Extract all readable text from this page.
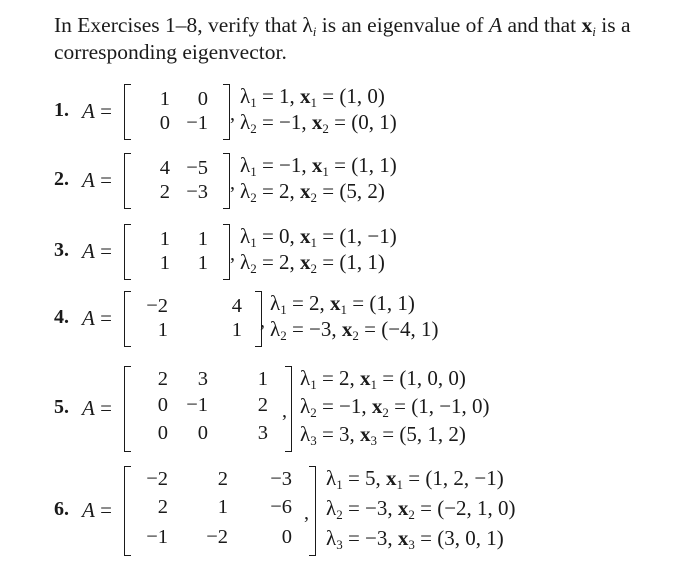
In Exercises 1–8, verify that $\lambda_i$ is an eigenvalue of A and that $x_i$ is a corresponding eigenvector.
1. A =	1	0
0 −1 ,
$\lambda_1 = 1$, $x_1 = (1$, 0)
$\lambda_2 = -1$, $x_2 = (0$, 1)
2. A =	4 −5
2 −3 ,
$\lambda_1 = -1$, $x_1 = (1$, 1)
$\lambda_2 = 2$, $x_2 = (5$, 2)
3. A =	1	1
1	1 ,
$\lambda_1 = 0$, $x_1 = (1$, −1)
$\lambda_2 = 2$, $x_2 = (1$, 1)
4. A =	−2	4
1	1 ,
$\lambda_1 = 2$, $x_1 = (1$, 1)
$\lambda_2 = -3$, $x_2 = (-4$, 1)
5. A =
2	3	1
0 −1	2
0	0	3
,
$\lambda_1 = 2$, $x_1 = (1$, 0, 0)
$\lambda_2 = -1$, $x_2 = (1$, −1, 0)
$\lambda_3 = 3$, $x_3 = (5$, 1, 2)
6. A =
−2	2	−3
2	1	−6
−1	−2	0
,
$\lambda_1 = 5$, $x_1 = (1$, 2, −1)
$\lambda_2 = -3$, $x_2 = (-2$, 1, 0)
$\lambda_3 = -3$, $x_3 = (3$, 0, 1)
